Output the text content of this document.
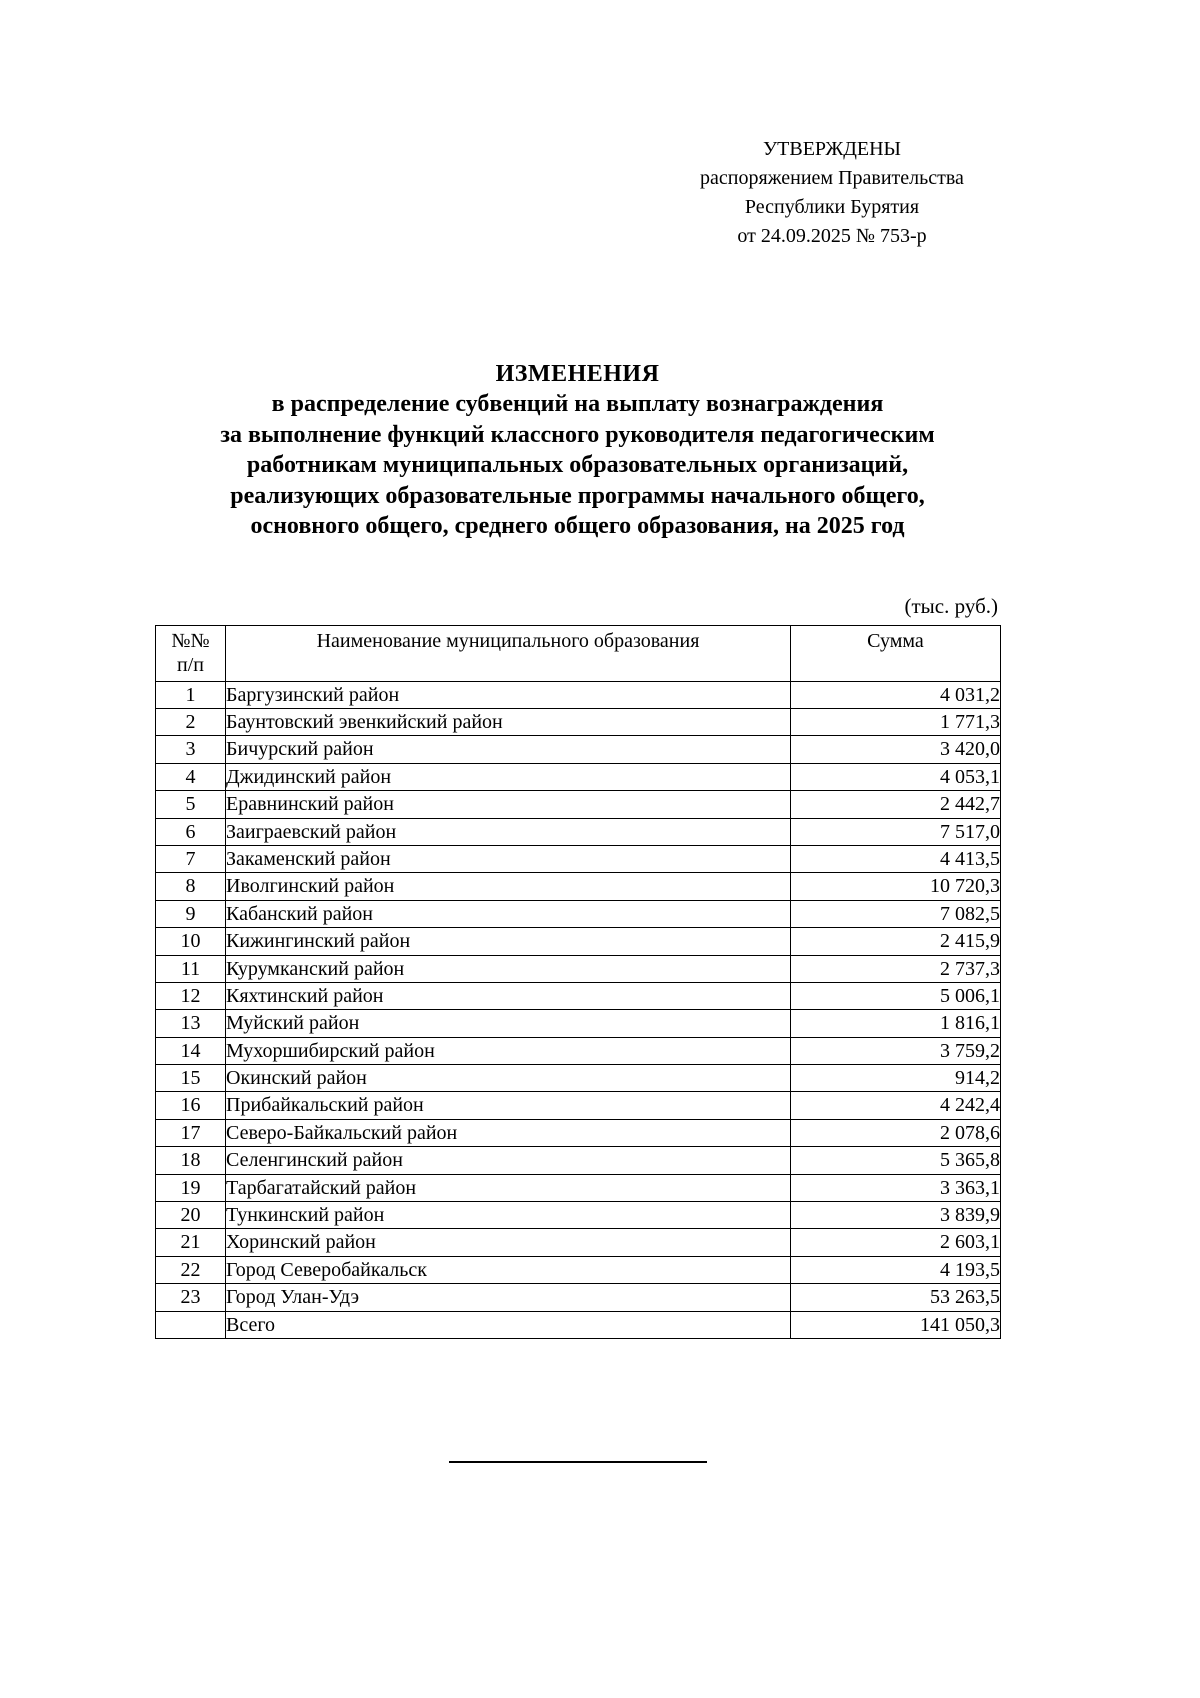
УТВЕРЖДЕНЫ
распоряжением Правительства
Республики Бурятия
от 24.09.2025 № 753-р
ИЗМЕНЕНИЯ
в распределение субвенций на выплату вознаграждения
за выполнение функций классного руководителя педагогическим
работникам муниципальных образовательных организаций,
реализующих образовательные программы начального общего,
основного общего, среднего общего образования, на 2025 год
(тыс. руб.)
№№
п/п	Наименование муниципального образования	Сумма
1	Баргузинский район	4 031,2
2	Баунтовский эвенкийский район	1 771,3
3	Бичурский район	3 420,0
4	Джидинский район	4 053,1
5	Еравнинский район	2 442,7
6	Заиграевский район	7 517,0
7	Закаменский район	4 413,5
8	Иволгинский район	10 720,3
9	Кабанский район	7 082,5
10	Кижингинский район	2 415,9
11	Курумканский район	2 737,3
12	Кяхтинский район	5 006,1
13	Муйский район	1 816,1
14	Мухоршибирский район	3 759,2
15	Окинский район	914,2
16	Прибайкальский район	4 242,4
17	Северо-Байкальский район	2 078,6
18	Селенгинский район	5 365,8
19	Тарбагатайский район	3 363,1
20	Тункинский район	3 839,9
21	Хоринский район	2 603,1
22	Город Северобайкальск	4 193,5
23	Город Улан-Удэ	53 263,5
	Всего	141 050,3
